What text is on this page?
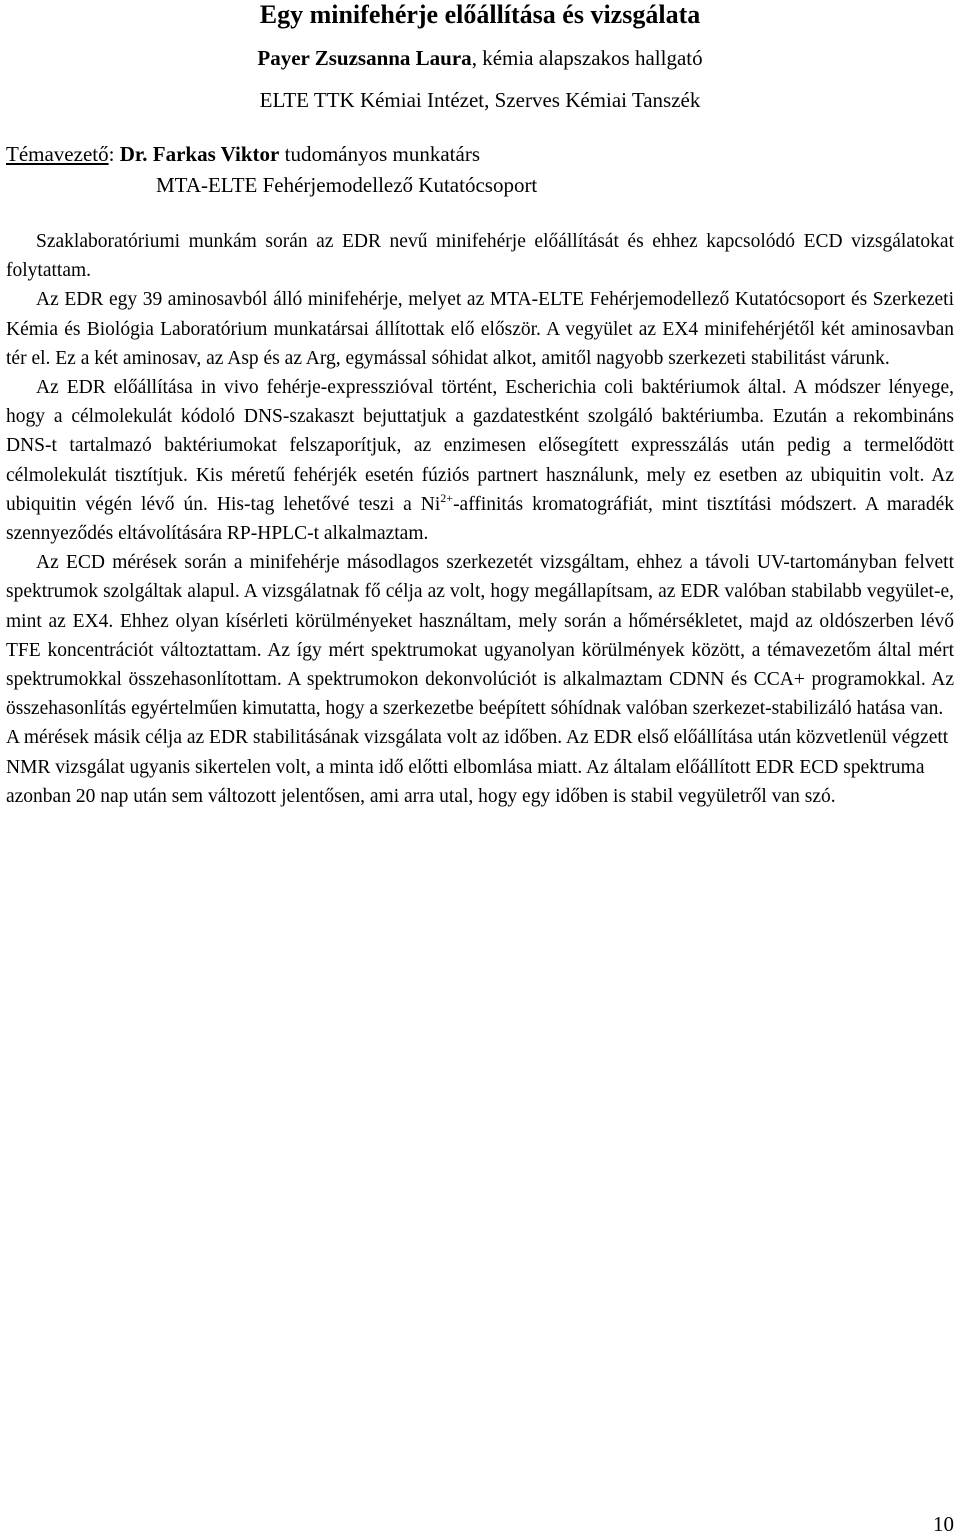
Egy minifehérje előállítása és vizsgálata
Payer Zsuzsanna Laura, kémia alapszakos hallgató
ELTE TTK Kémiai Intézet, Szerves Kémiai Tanszék
Témavezető: Dr. Farkas Viktor tudományos munkatárs
MTA-ELTE Fehérjemodellező Kutatócsoport

Szaklaboratóriumi munkám során az EDR nevű minifehérje előállítását és ehhez kapcsolódó ECD vizsgálatokat folytattam.

Az EDR egy 39 aminosavból álló minifehérje, melyet az MTA-ELTE Fehérjemodellező Kutatócsoport és Szerkezeti Kémia és Biológia Laboratórium munkatársai állítottak elő először. A vegyület az EX4 minifehérjétől két aminosavban tér el. Ez a két aminosav, az Asp és az Arg, egymással sóhidat alkot, amitől nagyobb szerkezeti stabilitást várunk.

Az EDR előállítása in vivo fehérje-expresszióval történt, Escherichia coli baktériumok által. A módszer lényege, hogy a célmolekulát kódoló DNS-szakaszt bejuttatjuk a gazdatestként szolgáló baktériumba. Ezután a rekombináns DNS-t tartalmazó baktériumokat felszaporítjuk, az enzimesen elősegített expresszálás után pedig a termelődött célmolekulát tisztítjuk. Kis méretű fehérjék esetén fúziós partnert használunk, mely ez esetben az ubiquitin volt. Az ubiquitin végén lévő ún. His-tag lehetővé teszi a $Ni^{2+}$-affinitás kromatográfiát, mint tisztítási módszert. A maradék szennyeződés eltávolítására RP-HPLC-t alkalmaztam.

Az ECD mérések során a minifehérje másodlagos szerkezetét vizsgáltam, ehhez a távoli UV-tartományban felvett spektrumok szolgáltak alapul. A vizsgálatnak fő célja az volt, hogy megállapítsam, az EDR valóban stabilabb vegyület-e, mint az EX4. Ehhez olyan kísérleti körülményeket használtam, mely során a hőmérsékletet, majd az oldószerben lévő TFE koncentrációt változtattam. Az így mért spektrumokat ugyanolyan körülmények között, a témavezetőm által mért spektrumokkal összehasonlítottam. A spektrumokon dekonvolúciót is alkalmaztam CDNN és CCA+ programokkal. Az összehasonlítás egyértelműen kimutatta, hogy a szerkezetbe beépített sóhídnak valóban szerkezet-stabilizáló hatása van.

A mérések másik célja az EDR stabilitásának vizsgálata volt az időben. Az EDR első előállítása után közvetlenül végzett NMR vizsgálat ugyanis sikertelen volt, a minta idő előtti elbomlása miatt. Az általam előállított EDR ECD spektruma azonban 20 nap után sem változott jelentősen, ami arra utal, hogy egy időben is stabil vegyületről van szó.

10
